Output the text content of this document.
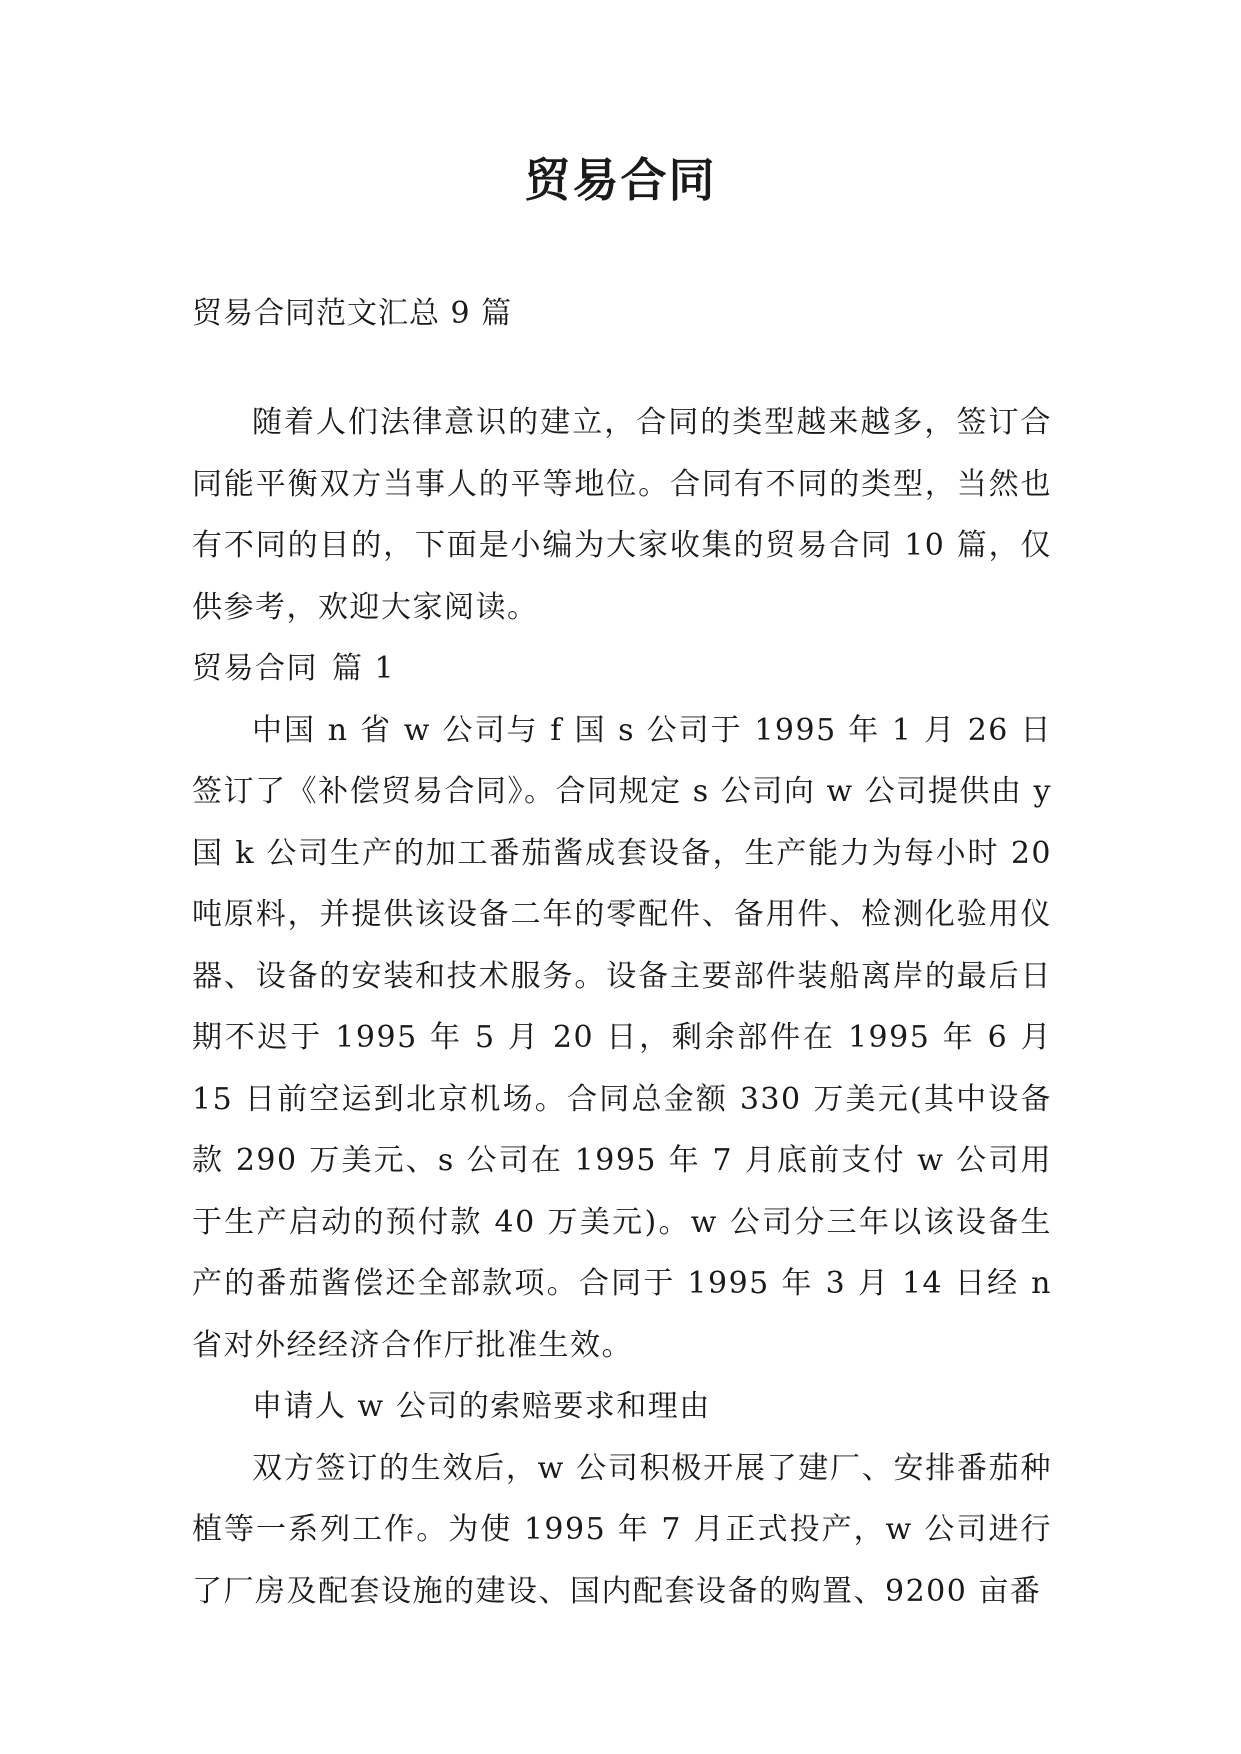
贸易合同
贸易合同范文汇总 9 篇

随着人们法律意识的建立，合同的类型越来越多，签订合同能平衡双方当事人的平等地位。合同有不同的类型，当然也有不同的目的，下面是小编为大家收集的贸易合同 10 篇，仅供参考，欢迎大家阅读。

贸易合同 篇 1

中国 n 省 w 公司与 f 国 s 公司于 1995 年 1 月 26 日签订了《补偿贸易合同》。合同规定 s 公司向 w 公司提供由 y 国 k 公司生产的加工番茄酱成套设备，生产能力为每小时 20 吨原料，并提供该设备二年的零配件、备用件、检测化验用仪器、设备的安装和技术服务。设备主要部件装船离岸的最后日期不迟于 1995 年 5 月 20 日，剩余部件在 1995 年 6 月 15 日前空运到北京机场。合同总金额 330 万美元(其中设备款 290 万美元、s 公司在 1995 年 7 月底前支付 w 公司用于生产启动的预付款 40 万美元)。w 公司分三年以该设备生产的番茄酱偿还全部款项。合同于 1995 年 3 月 14 日经 n 省对外经经济合作厅批准生效。

申请人 w 公司的索赔要求和理由

双方签订的生效后，w 公司积极开展了建厂、安排番茄种植等一系列工作。为使 1995 年 7 月正式投产，w 公司进行了厂房及配套设施的建设、国内配套设备的购置、9200 亩番
